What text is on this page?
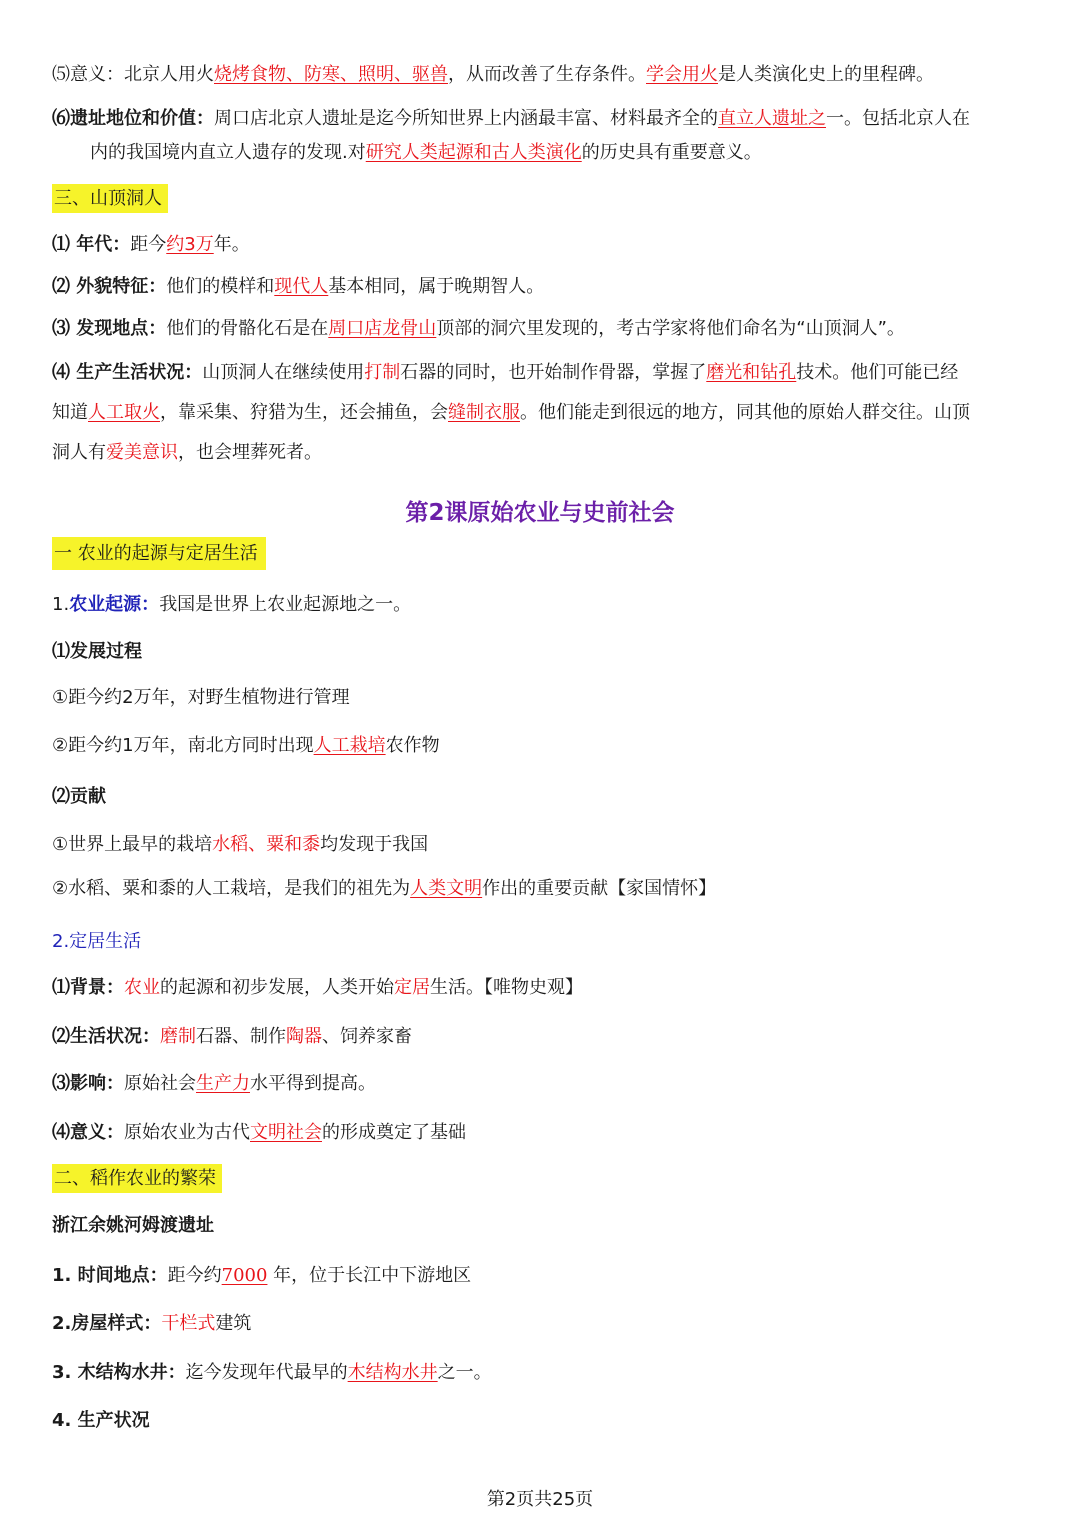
⑸意义：北京人用火烧烤食物、防寒、照明、驱兽，从而改善了生存条件。学会用火是人类演化史上的里程碑。
⑹遗址地位和价值：周口店北京人遗址是迄今所知世界上内涵最丰富、材料最齐全的直立人遗址之一。包括北京人在
内的我国境内直立人遗存的发现.对研究人类起源和古人类演化的历史具有重要意义。
三、山顶洞人
⑴ 年代：距今约3万年。
⑵ 外貌特征：他们的模样和现代人基本相同，属于晚期智人。
⑶ 发现地点：他们的骨骼化石是在周口店龙骨山顶部的洞穴里发现的，考古学家将他们命名为“山顶洞人”。
⑷ 生产生活状况：山顶洞人在继续使用打制石器的同时，也开始制作骨器，掌握了磨光和钻孔技术。他们可能已经
知道人工取火，靠采集、狩猎为生，还会捕鱼，会缝制衣服。他们能走到很远的地方，同其他的原始人群交往。山顶
洞人有爱美意识，也会埋葬死者。
第2课原始农业与史前社会
一 农业的起源与定居生活
1.农业起源：我国是世界上农业起源地之一。
⑴发展过程
①距今约2万年，对野生植物进行管理
②距今约1万年，南北方同时出现人工栽培农作物
⑵贡献
①世界上最早的栽培水稻、粟和黍均发现于我国
②水稻、粟和黍的人工栽培，是我们的祖先为人类文明作出的重要贡献【家国情怀】
2.定居生活
⑴背景：农业的起源和初步发展，人类开始定居生活。【唯物史观】
⑵生活状况：磨制石器、制作陶器、饲养家畜
⑶影响：原始社会生产力水平得到提高。
⑷意义：原始农业为古代文明社会的形成奠定了基础
二、稻作农业的繁荣
浙江余姚河姆渡遗址
1. 时间地点：距今约7000 年，位于长江中下游地区
2.房屋样式：干栏式建筑
3. 木结构水井：迄今发现年代最早的木结构水井之一。
4. 生产状况
第2页共25页
